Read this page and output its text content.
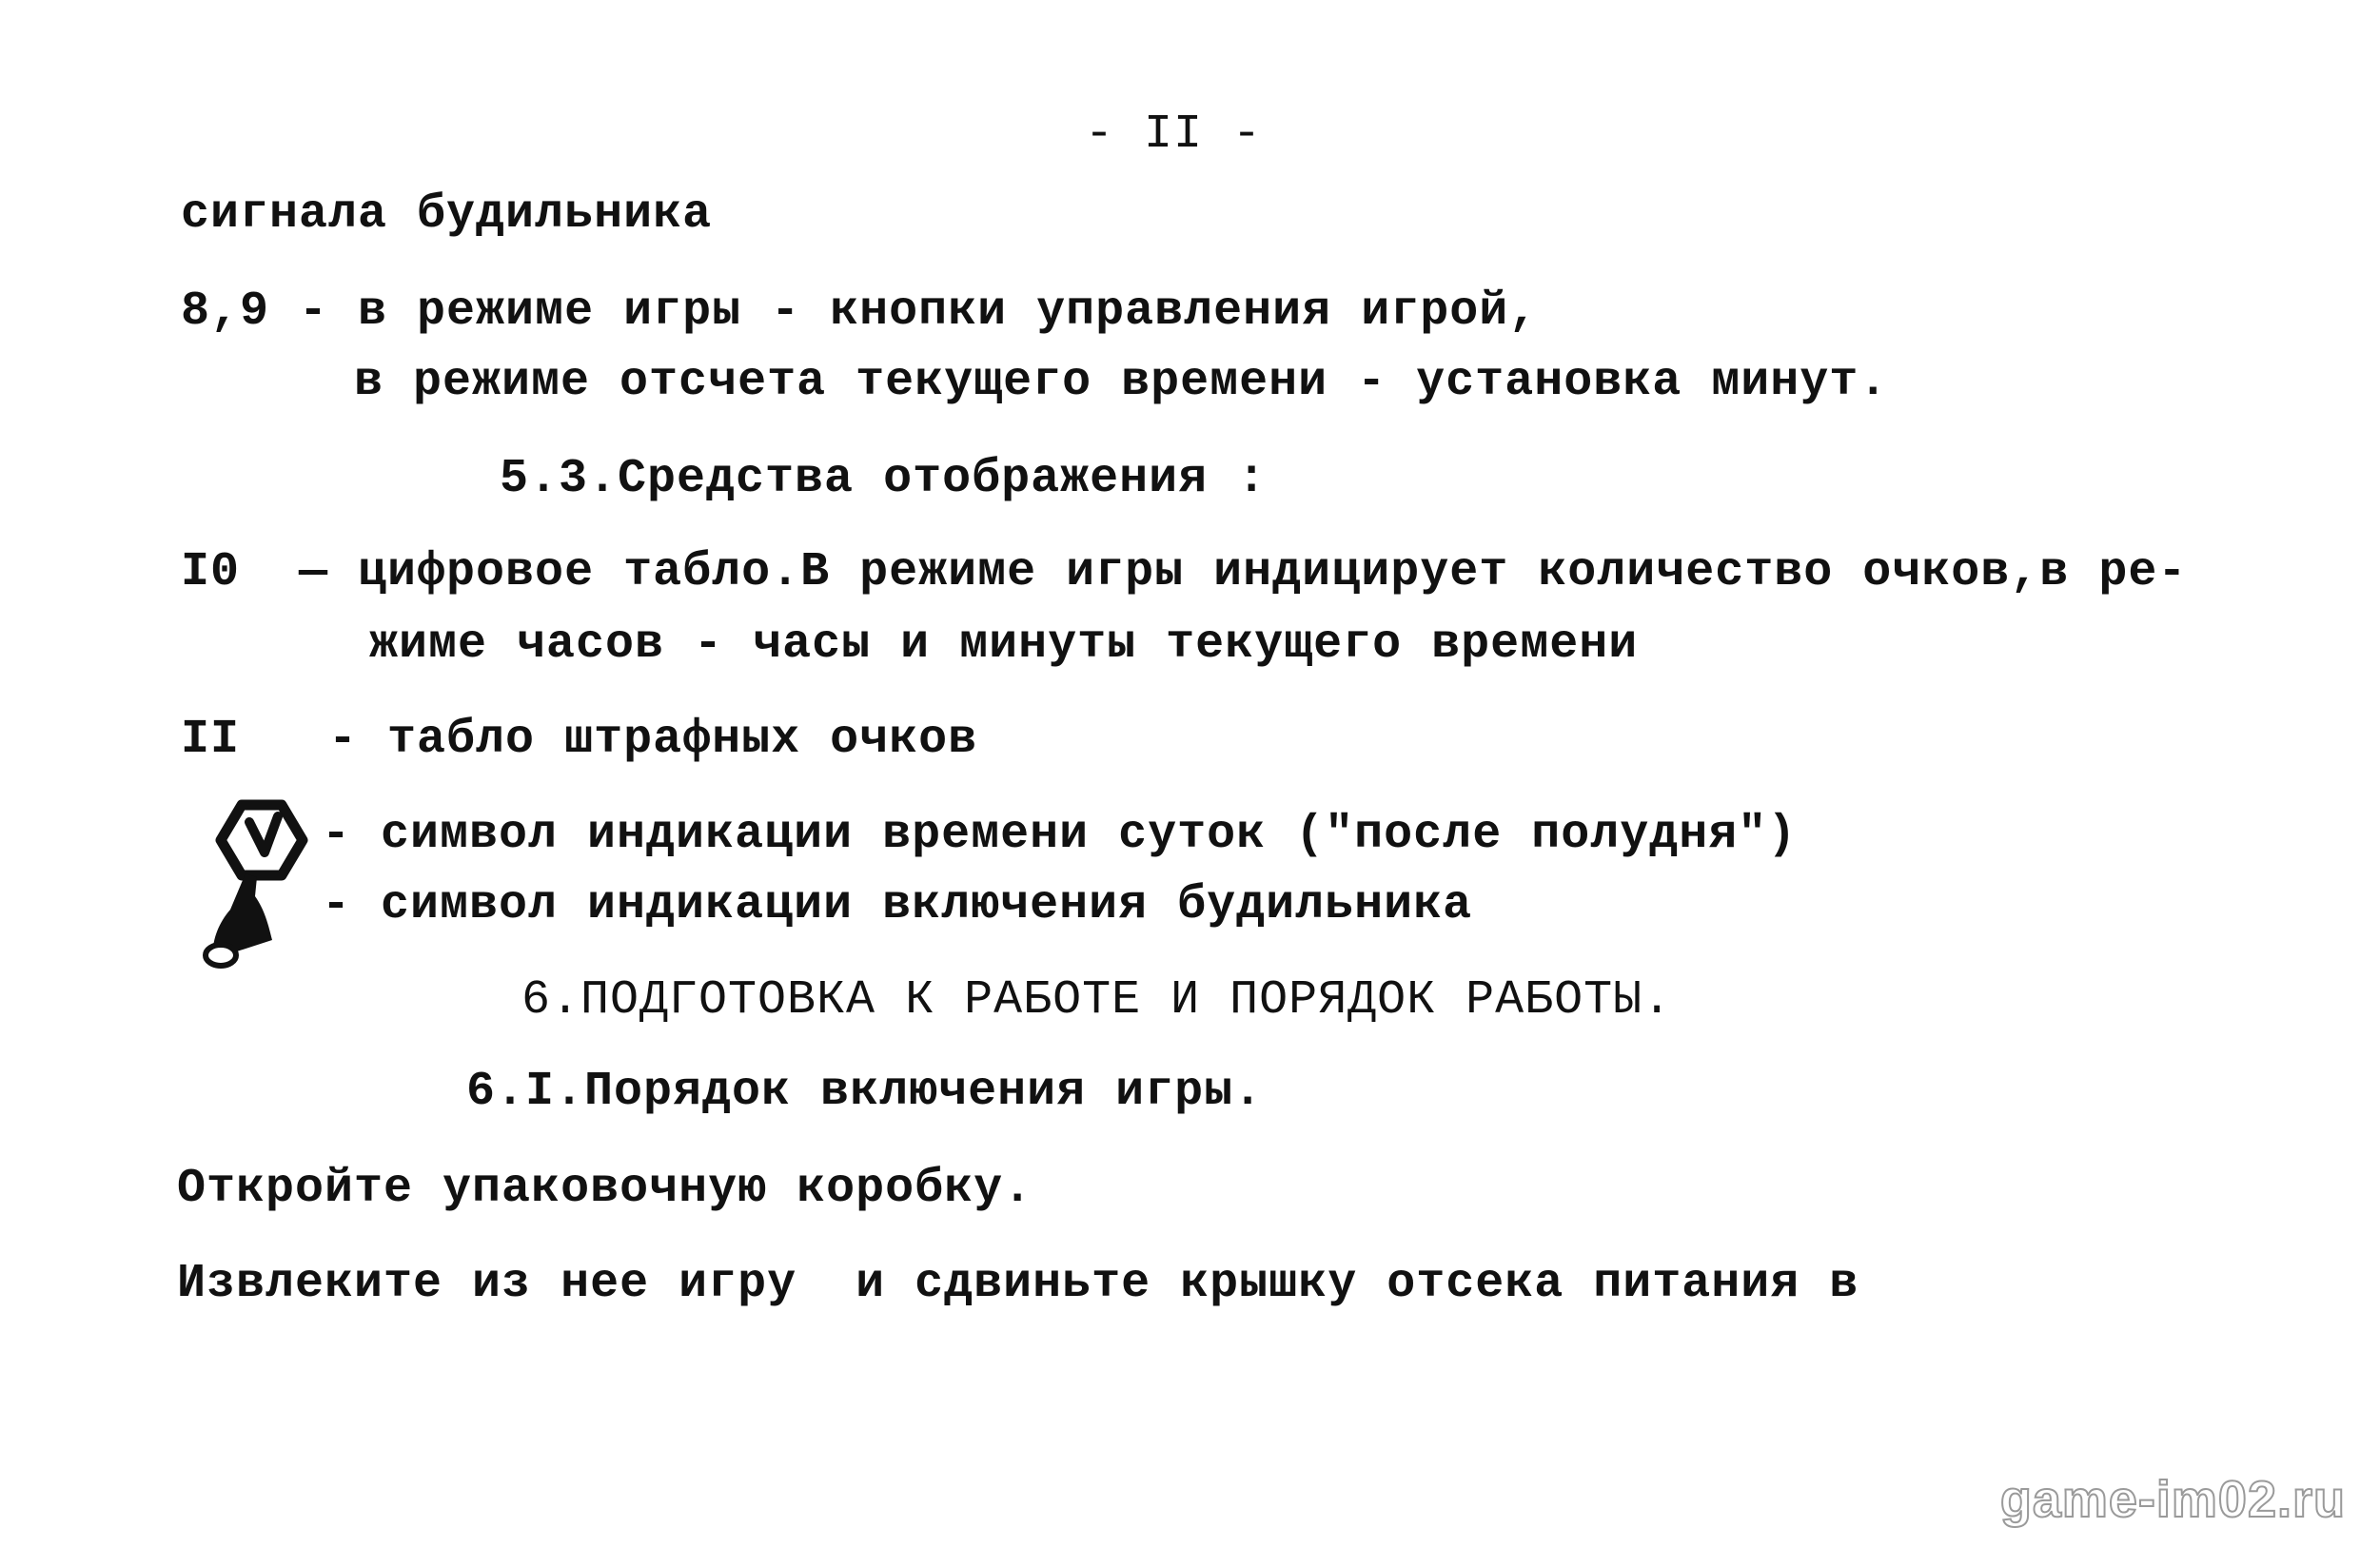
- II -
сигнала будильника
8,9 - в режиме игры - кнопки управления игрой,
в режиме отсчета текущего времени - установка минут.
5.3.Средства отображения :
I0  — цифровое табло.В режиме игры индицирует количество очков,в ре-
жиме часов - часы и минуты текущего времени
II   - табло штрафных очков
- символ индикации времени суток ("после полудня")
- символ индикации включения будильника
6.ПОДГОТОВКА К РАБОТЕ И ПОРЯДОК РАБОТЫ.
6.I.Порядок включения игры.
Откройте упаковочную коробку.
Извлеките из нее игру  и сдвиньте крышку отсека питания в
game-im02.ru
